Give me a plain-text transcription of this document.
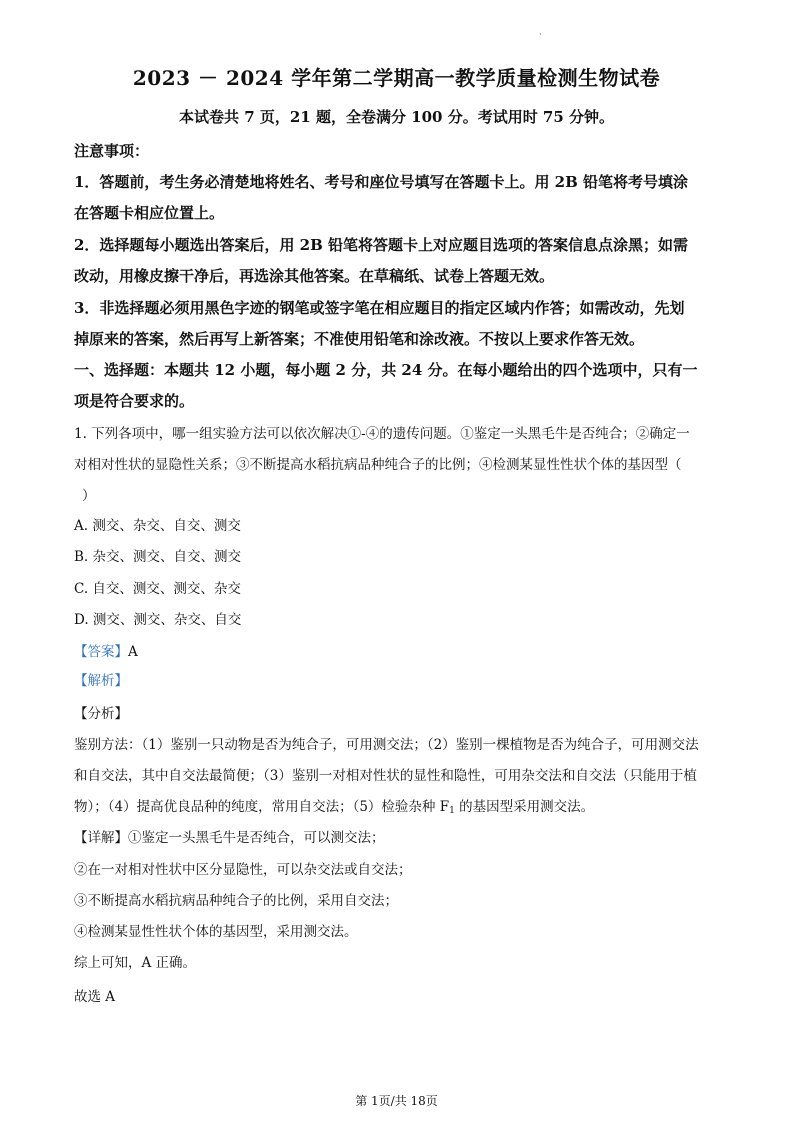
·
2023 － 2024 学年第二学期高一教学质量检测生物试卷
本试卷共 7 页，21 题，全卷满分 100 分。考试用时 75 分钟。
注意事项：
1．答题前，考生务必清楚地将姓名、考号和座位号填写在答题卡上。用 2B 铅笔将考号填涂
在答题卡相应位置上。
2．选择题每小题选出答案后，用 2B 铅笔将答题卡上对应题目选项的答案信息点涂黑；如需
改动，用橡皮擦干净后，再选涂其他答案。在草稿纸、试卷上答题无效。
3．非选择题必须用黑色字迹的钢笔或签字笔在相应题目的指定区域内作答；如需改动，先划
掉原来的答案，然后再写上新答案；不准使用铅笔和涂改液。不按以上要求作答无效。
一、选择题：本题共 12 小题，每小题 2 分，共 24 分。在每小题给出的四个选项中，只有一
项是符合要求的。
1. 下列各项中，哪一组实验方法可以依次解决①-④的遗传问题。①鉴定一头黑毛牛是否纯合；②确定一
对相对性状的显隐性关系；③不断提高水稻抗病品种纯合子的比例；④检测某显性性状个体的基因型（
）
A. 测交、杂交、自交、测交
B. 杂交、测交、自交、测交
C. 自交、测交、测交、杂交
D. 测交、测交、杂交、自交
【答案】A
【解析】
【分析】
鉴别方法：（1）鉴别一只动物是否为纯合子，可用测交法；（2）鉴别一棵植物是否为纯合子，可用测交法
和自交法，其中自交法最简便；（3）鉴别一对相对性状的显性和隐性，可用杂交法和自交法（只能用于植
物）；（4）提高优良品种的纯度，常用自交法；（5）检验杂种 F1 的基因型采用测交法。
【详解】①鉴定一头黑毛牛是否纯合，可以测交法；
②在一对相对性状中区分显隐性，可以杂交法或自交法；
③不断提高水稻抗病品种纯合子的比例，采用自交法；
④检测某显性性状个体的基因型，采用测交法。
综上可知，A 正确。
故选 A
第 1页/共 18页
